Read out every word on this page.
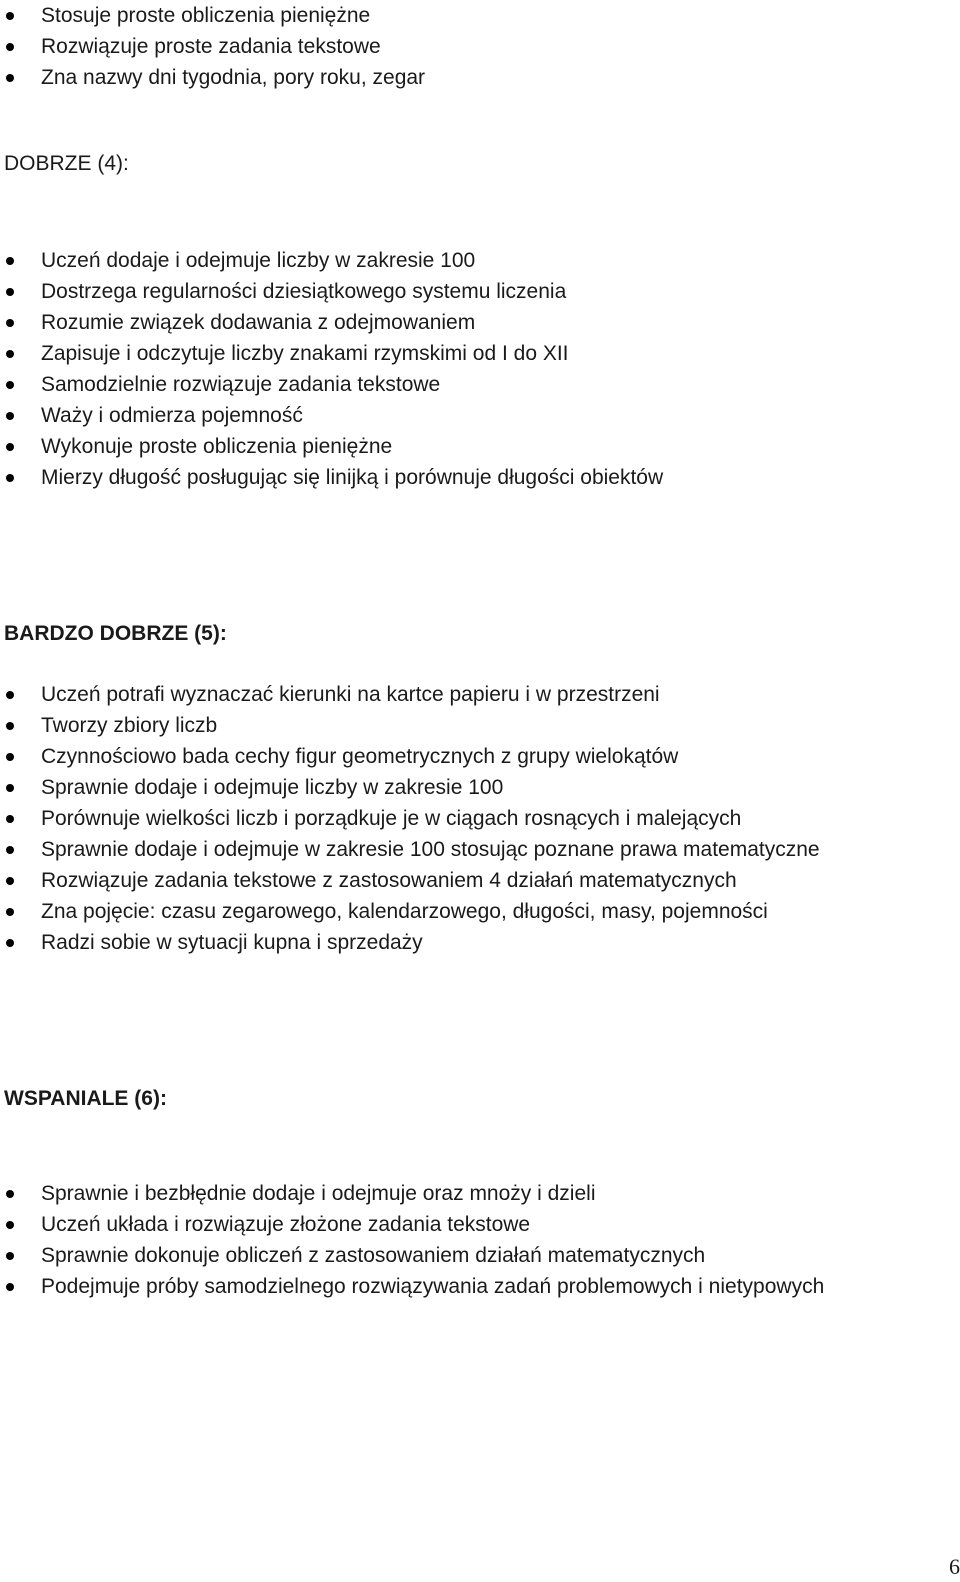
Stosuje proste obliczenia pieniężne
Rozwiązuje proste zadania tekstowe
Zna nazwy dni tygodnia, pory roku, zegar
DOBRZE (4):
Uczeń dodaje i odejmuje liczby w zakresie 100
Dostrzega regularności dziesiątkowego systemu liczenia
Rozumie związek dodawania z odejmowaniem
Zapisuje i odczytuje liczby znakami rzymskimi od I do XII
Samodzielnie rozwiązuje zadania tekstowe
Waży i odmierza pojemność
Wykonuje proste obliczenia pieniężne
Mierzy długość posługując się linijką i porównuje długości obiektów
BARDZO DOBRZE (5):
Uczeń potrafi wyznaczać kierunki na kartce papieru i w przestrzeni
Tworzy zbiory liczb
Czynnościowo bada cechy figur geometrycznych z grupy wielokątów
Sprawnie dodaje i odejmuje liczby w zakresie 100
Porównuje wielkości liczb i porządkuje je w ciągach rosnących i malejących
Sprawnie dodaje i odejmuje w zakresie 100 stosując poznane prawa matematyczne
Rozwiązuje zadania tekstowe z zastosowaniem 4 działań matematycznych
Zna pojęcie: czasu zegarowego, kalendarzowego, długości, masy, pojemności
Radzi sobie w sytuacji kupna i sprzedaży
WSPANIALE (6):
Sprawnie i bezbłędnie dodaje i odejmuje oraz mnoży i dzieli
Uczeń układa i rozwiązuje złożone zadania tekstowe
Sprawnie dokonuje obliczeń z zastosowaniem działań matematycznych
Podejmuje próby samodzielnego rozwiązywania zadań problemowych i nietypowych
6
